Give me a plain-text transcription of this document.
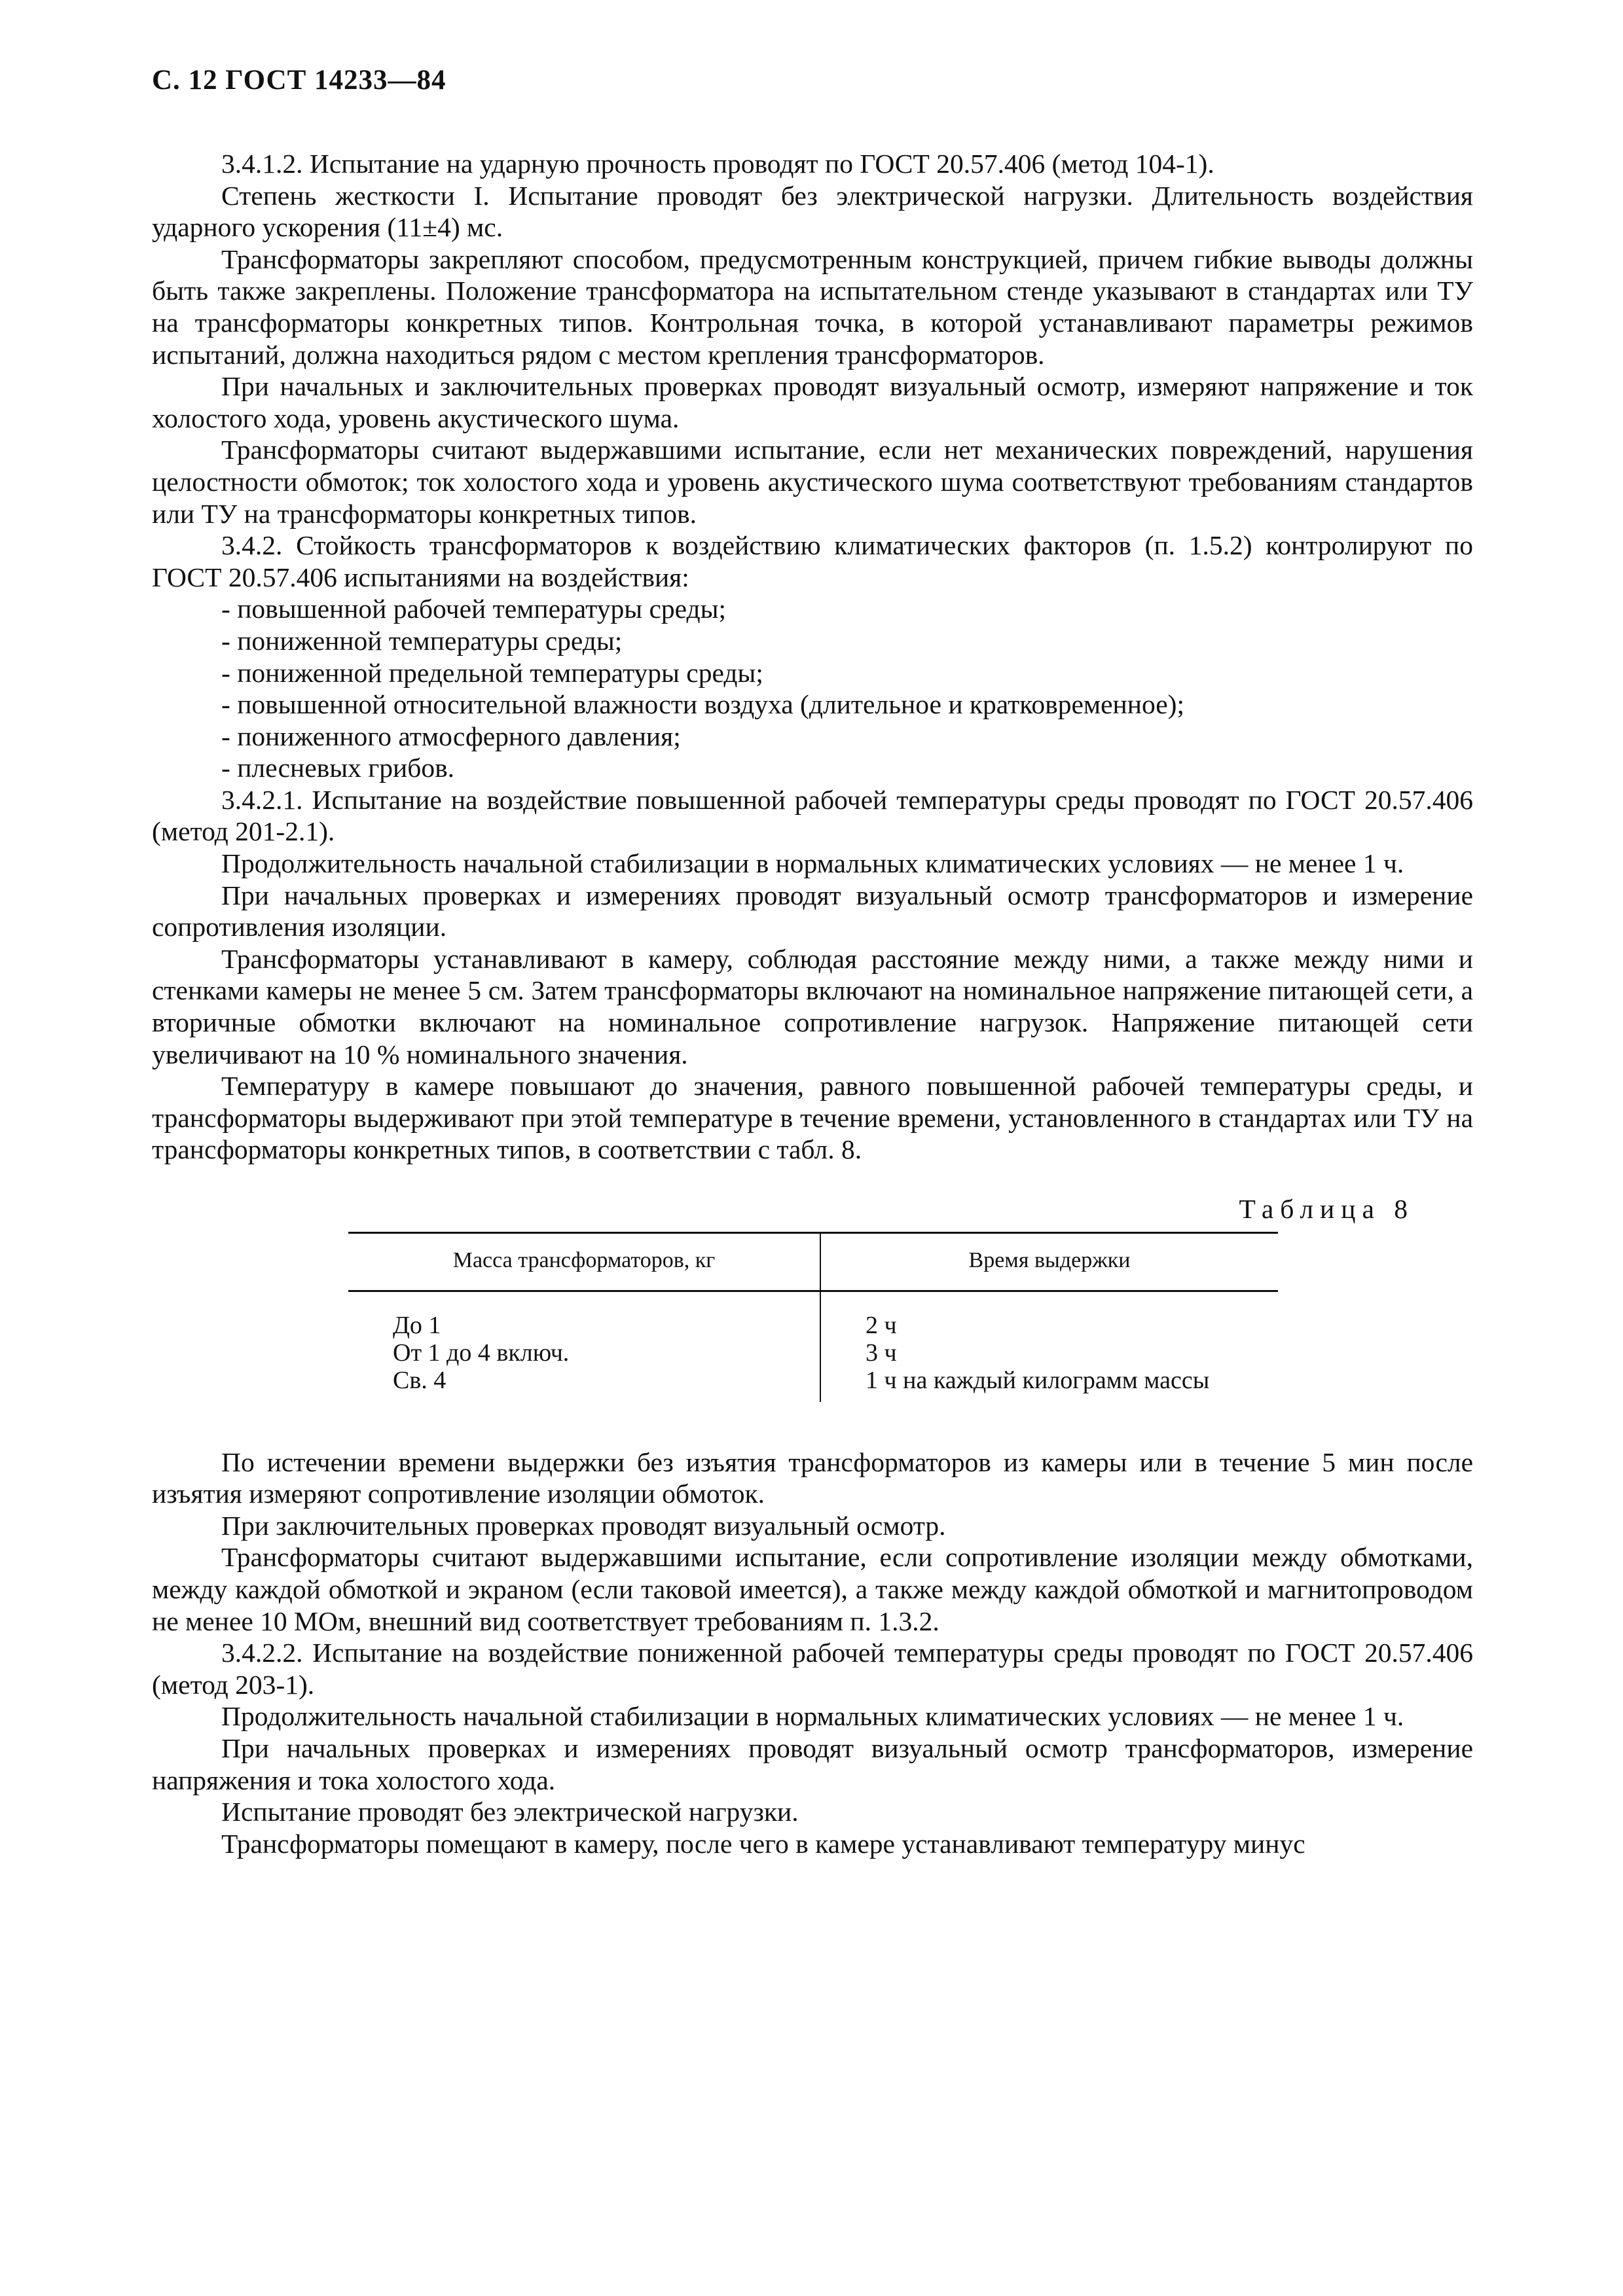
С. 12 ГОСТ 14233—84

3.4.1.2. Испытание на ударную прочность проводят по ГОСТ 20.57.406 (метод 104-1).

Степень жесткости I. Испытание проводят без электрической нагрузки. Длительность воздействия ударного ускорения (11±4) мс.

Трансформаторы закрепляют способом, предусмотренным конструкцией, причем гибкие выводы должны быть также закреплены. Положение трансформатора на испытательном стенде указывают в стандартах или ТУ на трансформаторы конкретных типов. Контрольная точка, в которой устанавливают параметры режимов испытаний, должна находиться рядом с местом крепления трансформаторов.

При начальных и заключительных проверках проводят визуальный осмотр, измеряют напряжение и ток холостого хода, уровень акустического шума.

Трансформаторы считают выдержавшими испытание, если нет механических повреждений, нарушения целостности обмоток; ток холостого хода и уровень акустического шума соответствуют требованиям стандартов или ТУ на трансформаторы конкретных типов.

3.4.2. Стойкость трансформаторов к воздействию климатических факторов (п. 1.5.2) контролируют по ГОСТ 20.57.406 испытаниями на воздействия:

- повышенной рабочей температуры среды;
- пониженной температуры среды;
- пониженной предельной температуры среды;
- повышенной относительной влажности воздуха (длительное и кратковременное);
- пониженного атмосферного давления;
- плесневых грибов.

3.4.2.1. Испытание на воздействие повышенной рабочей температуры среды проводят по ГОСТ 20.57.406 (метод 201-2.1).

Продолжительность начальной стабилизации в нормальных климатических условиях — не менее 1 ч.

При начальных проверках и измерениях проводят визуальный осмотр трансформаторов и измерение сопротивления изоляции.

Трансформаторы устанавливают в камеру, соблюдая расстояние между ними, а также между ними и стенками камеры не менее 5 см. Затем трансформаторы включают на номинальное напряжение питающей сети, а вторичные обмотки включают на номинальное сопротивление нагрузок. Напряжение питающей сети увеличивают на 10 % номинального значения.

Температуру в камере повышают до значения, равного повышенной рабочей температуры среды, и трансформаторы выдерживают при этой температуре в течение времени, установленного в стандартах или ТУ на трансформаторы конкретных типов, в соответствии с табл. 8.

Таблица 8
Масса трансформаторов, кг	Время выдержки
До 1	2 ч
От 1 до 4 включ.	3 ч
Св. 4	1 ч на каждый килограмм массы

По истечении времени выдержки без изъятия трансформаторов из камеры или в течение 5 мин после изъятия измеряют сопротивление изоляции обмоток.

При заключительных проверках проводят визуальный осмотр.

Трансформаторы считают выдержавшими испытание, если сопротивление изоляции между обмотками, между каждой обмоткой и экраном (если таковой имеется), а также между каждой обмоткой и магнитопроводом не менее 10 МОм, внешний вид соответствует требованиям п. 1.3.2.

3.4.2.2. Испытание на воздействие пониженной рабочей температуры среды проводят по ГОСТ 20.57.406 (метод 203-1).

Продолжительность начальной стабилизации в нормальных климатических условиях — не менее 1 ч.

При начальных проверках и измерениях проводят визуальный осмотр трансформаторов, измерение напряжения и тока холостого хода.

Испытание проводят без электрической нагрузки.

Трансформаторы помещают в камеру, после чего в камере устанавливают температуру минус
